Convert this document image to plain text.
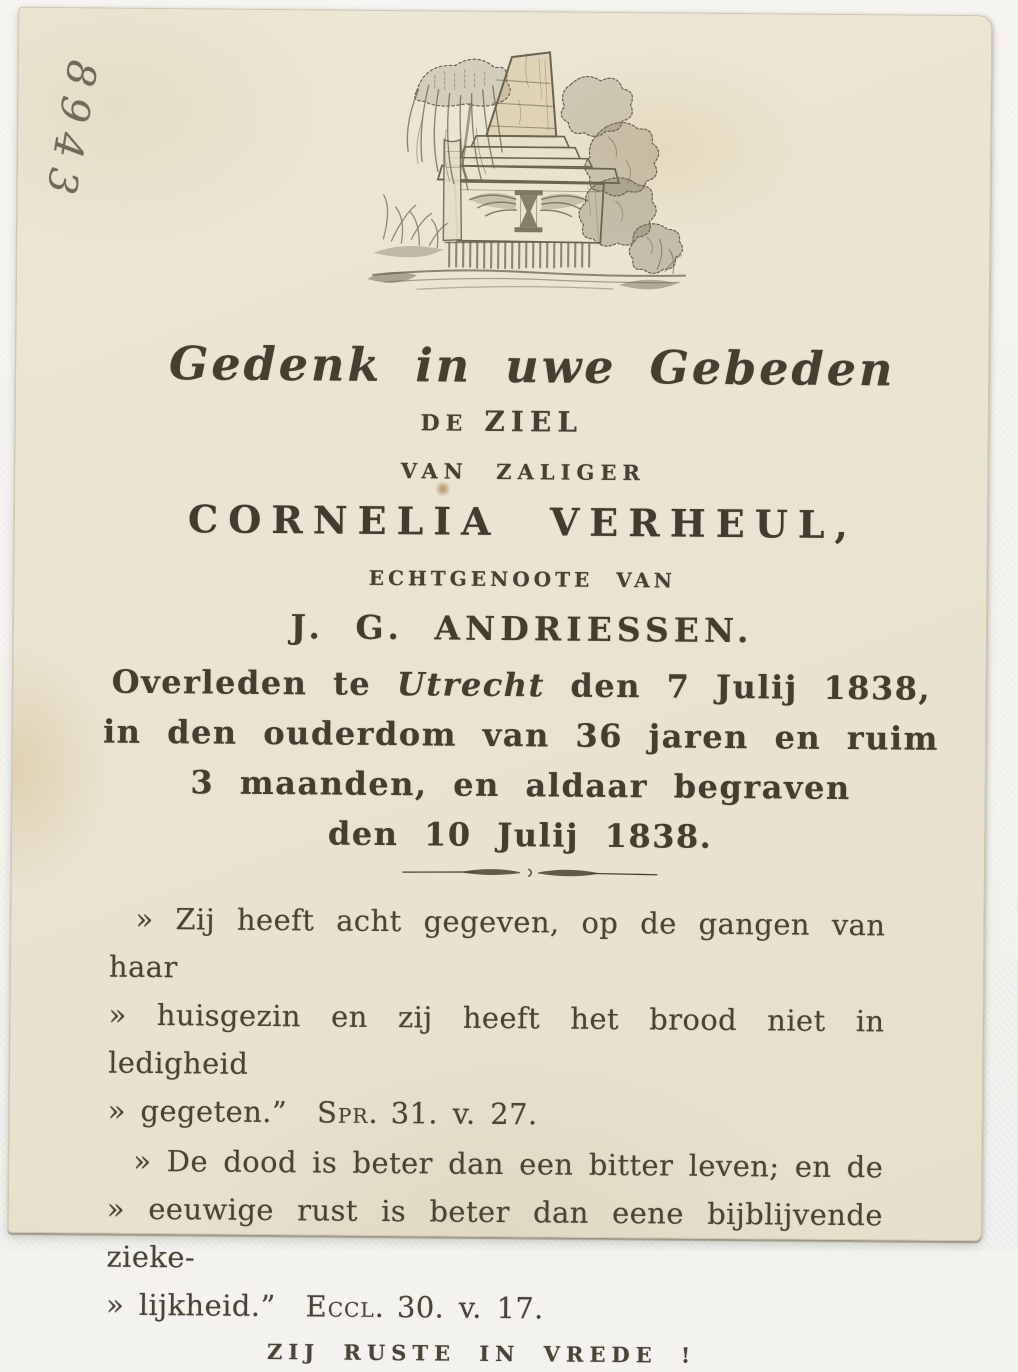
8943
Gedenk in uwe Gebeden
DE ZIEL
VAN ZALIGER
CORNELIA VERHEUL,
ECHTGENOOTE VAN
J. G. ANDRIESSEN.
Overleden te Utrecht den 7 Julij 1838,
in den ouderdom van 36 jaren en ruim
3 maanden, en aldaar begraven
den 10 Julij 1838.
» Zij heeft acht gegeven, op de gangen van haar
» huisgezin en zij heeft het brood niet in ledigheid
» gegeten.” Spr. 31. v. 27.
» De dood is beter dan een bitter leven; en de
» eeuwige rust is beter dan eene bijblijvende zieke-
» lijkheid.” Eccl. 30. v. 17.
ZIJ RUSTE IN VREDE !
